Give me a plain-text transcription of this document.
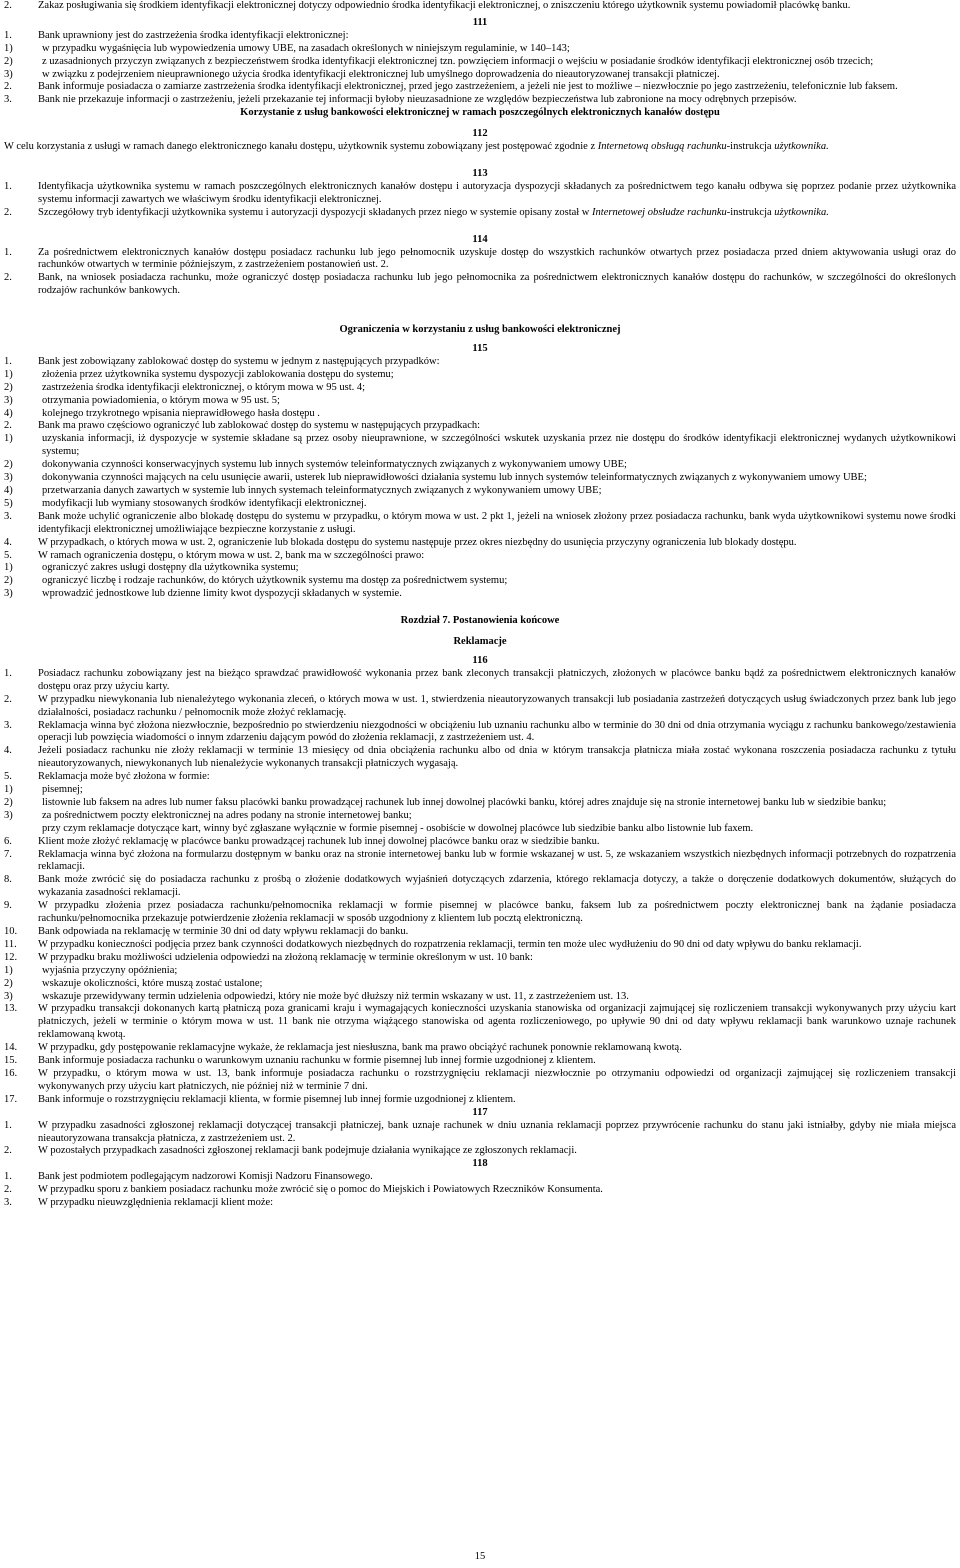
2.	Zakaz posługiwania się środkiem identyfikacji elektronicznej dotyczy odpowiednio środka identyfikacji elektronicznej, o zniszczeniu którego użytkownik systemu powiadomił placówkę banku.

111

1.	Bank uprawniony jest do zastrzeżenia środka identyfikacji elektronicznej:
1)	w przypadku wygaśnięcia lub wypowiedzenia umowy UBE, na zasadach określonych w niniejszym regulaminie, w 140–143;
2)	z uzasadnionych przyczyn związanych z bezpieczeństwem środka identyfikacji elektronicznej tzn. powzięciem informacji o wejściu w posiadanie środków identyfikacji elektronicznej osób trzecich;
3)	w związku z podejrzeniem nieuprawnionego użycia środka identyfikacji elektronicznej lub umyślnego doprowadzenia do nieautoryzowanej transakcji płatniczej.
2.	Bank informuje posiadacza o zamiarze zastrzeżenia środka identyfikacji elektronicznej, przed jego zastrzeżeniem, a jeżeli nie jest to możliwe – niezwłocznie po jego zastrzeżeniu, telefonicznie lub faksem.
3.	Bank nie przekazuje informacji o zastrzeżeniu, jeżeli przekazanie tej informacji byłoby nieuzasadnione ze względów bezpieczeństwa lub zabronione na mocy odrębnych przepisów.

Korzystanie z usług bankowości elektronicznej w ramach poszczególnych elektronicznych kanałów dostępu

112

W celu korzystania z usługi w ramach danego elektronicznego kanału dostępu, użytkownik systemu zobowiązany jest postępować zgodnie z Internetową obsługą rachunku-instrukcja użytkownika.

113

1.	Identyfikacja użytkownika systemu w ramach poszczególnych elektronicznych kanałów dostępu i autoryzacja dyspozycji składanych za pośrednictwem tego kanału odbywa się poprzez podanie przez użytkownika systemu informacji zawartych we właściwym środku identyfikacji elektronicznej.
2.	Szczegółowy tryb identyfikacji użytkownika systemu i autoryzacji dyspozycji składanych przez niego w systemie opisany został w Internetowej obsłudze rachunku-instrukcja użytkownika.

114

1.	Za pośrednictwem elektronicznych kanałów dostępu posiadacz rachunku lub jego pełnomocnik uzyskuje dostęp do wszystkich rachunków otwartych przez posiadacza przed dniem aktywowania usługi oraz do rachunków otwartych w terminie późniejszym, z zastrzeżeniem postanowień ust. 2.
2.	Bank, na wniosek posiadacza rachunku, może ograniczyć dostęp posiadacza rachunku lub jego pełnomocnika za pośrednictwem elektronicznych kanałów dostępu do rachunków, w szczególności do określonych rodzajów rachunków bankowych.

Ograniczenia w korzystaniu z usług bankowości elektronicznej

115

1.	Bank jest zobowiązany zablokować dostęp do systemu w jednym z następujących przypadków:
1)	złożenia przez użytkownika systemu dyspozycji zablokowania dostępu do systemu;
2)	zastrzeżenia środka identyfikacji elektronicznej, o którym mowa w 95 ust. 4;
3)	otrzymania powiadomienia, o którym mowa w 95 ust. 5;
4)	kolejnego trzykrotnego wpisania nieprawidłowego hasła dostępu .
2.	Bank ma prawo częściowo ograniczyć lub zablokować dostęp do systemu w następujących przypadkach:
1)	uzyskania informacji, iż dyspozycje w systemie składane są przez osoby nieuprawnione, w szczególności wskutek uzyskania przez nie dostępu do środków identyfikacji elektronicznej wydanych użytkownikowi systemu;
2)	dokonywania czynności konserwacyjnych systemu lub innych systemów teleinformatycznych związanych z wykonywaniem umowy UBE;
3)	dokonywania czynności mających na celu usunięcie awarii, usterek lub nieprawidłowości działania systemu lub innych systemów teleinformatycznych związanych z wykonywaniem umowy UBE;
4)	przetwarzania danych zawartych w systemie lub innych systemach teleinformatycznych związanych z wykonywaniem umowy UBE;
5)	modyfikacji lub wymiany stosowanych środków identyfikacji elektronicznej.
3.	Bank może uchylić ograniczenie albo blokadę dostępu do systemu w przypadku, o którym mowa w ust. 2 pkt 1, jeżeli na wniosek złożony przez posiadacza rachunku, bank wyda użytkownikowi systemu nowe środki identyfikacji elektronicznej umożliwiające bezpieczne korzystanie z usługi.
4.	W przypadkach, o których mowa w ust. 2, ograniczenie lub blokada dostępu do systemu następuje przez okres niezbędny do usunięcia przyczyny ograniczenia lub blokady dostępu.
5.	W ramach ograniczenia dostępu, o którym mowa w ust. 2, bank ma w szczególności prawo:
1)	ograniczyć zakres usługi dostępny dla użytkownika systemu;
2)	ograniczyć liczbę i rodzaje rachunków, do których użytkownik systemu ma dostęp za pośrednictwem systemu;
3)	wprowadzić jednostkowe lub dzienne limity kwot dyspozycji składanych w systemie.

Rozdział 7. Postanowienia końcowe

Reklamacje

116

1.	Posiadacz rachunku zobowiązany jest na bieżąco sprawdzać prawidłowość wykonania przez bank zleconych transakcji płatniczych, złożonych w placówce banku bądź za pośrednictwem elektronicznych kanałów dostępu oraz przy użyciu karty.
2.	W przypadku niewykonania lub nienależytego wykonania zleceń, o których mowa w ust. 1, stwierdzenia nieautoryzowanych transakcji lub posiadania zastrzeżeń dotyczących usług świadczonych przez bank lub jego działalności, posiadacz rachunku / pełnomocnik może złożyć reklamację.
3.	Reklamacja winna być złożona niezwłocznie, bezpośrednio po stwierdzeniu niezgodności w obciążeniu lub uznaniu rachunku albo w terminie do 30 dni od dnia otrzymania wyciągu z rachunku bankowego/zestawienia operacji lub powzięcia wiadomości o innym zdarzeniu dającym powód do złożenia reklamacji, z zastrzeżeniem ust. 4.
4.	Jeżeli posiadacz rachunku nie złoży reklamacji w terminie 13 miesięcy od dnia obciążenia rachunku albo od dnia w którym transakcja płatnicza miała zostać wykonana roszczenia posiadacza rachunku z tytułu nieautoryzowanych, niewykonanych lub nienależycie wykonanych transakcji płatniczych wygasają.
5.	Reklamacja może być złożona w formie:
1)	pisemnej;
2)	listownie lub faksem na adres lub numer faksu placówki banku prowadzącej rachunek lub innej dowolnej placówki banku, której adres znajduje się na stronie internetowej banku lub w siedzibie banku;
3)	za pośrednictwem poczty elektronicznej na adres podany na stronie internetowej banku;

przy czym reklamacje dotyczące kart, winny być zgłaszane wyłącznie w formie pisemnej - osobiście w dowolnej placówce lub siedzibie banku albo listownie lub faxem.

6.	Klient może złożyć reklamację w placówce banku prowadzącej rachunek lub innej dowolnej placówce banku oraz w siedzibie banku.
7.	Reklamacja winna być złożona na formularzu dostępnym w banku oraz na stronie internetowej banku lub w formie wskazanej w ust. 5, ze wskazaniem wszystkich niezbędnych informacji potrzebnych do rozpatrzenia reklamacji.
8.	Bank może zwrócić się do posiadacza rachunku z prośbą o złożenie dodatkowych wyjaśnień dotyczących zdarzenia, którego reklamacja dotyczy, a także o doręczenie dodatkowych dokumentów, służących do wykazania zasadności reklamacji.
9.	W przypadku złożenia przez posiadacza rachunku/pełnomocnika reklamacji w formie pisemnej w placówce banku, faksem lub za pośrednictwem poczty elektronicznej bank na żądanie posiadacza rachunku/pełnomocnika przekazuje potwierdzenie złożenia reklamacji w sposób uzgodniony z klientem lub pocztą elektroniczną.
10.	Bank odpowiada na reklamację w terminie 30 dni od daty wpływu reklamacji do banku.
11.	W przypadku konieczności podjęcia przez bank czynności dodatkowych niezbędnych do rozpatrzenia reklamacji, termin ten może ulec wydłużeniu do 90 dni od daty wpływu do banku reklamacji.
12.	W przypadku braku możliwości udzielenia odpowiedzi na złożoną reklamację w terminie określonym w ust. 10 bank:
1)	wyjaśnia przyczyny opóźnienia;
2)	wskazuje okoliczności, które muszą zostać ustalone;
3)	wskazuje przewidywany termin udzielenia odpowiedzi, który nie może być dłuższy niż termin wskazany w ust. 11, z zastrzeżeniem ust. 13.
13.	W przypadku transakcji dokonanych kartą płatniczą poza granicami kraju i wymagających konieczności uzyskania stanowiska od organizacji zajmującej się rozliczeniem transakcji wykonywanych przy użyciu kart płatniczych, jeżeli w terminie o którym mowa w ust. 11 bank nie otrzyma wiążącego stanowiska od agenta rozliczeniowego, po upływie 90 dni od daty wpływu reklamacji bank warunkowo uznaje rachunek reklamowaną kwotą.
14.	W przypadku, gdy postępowanie reklamacyjne wykaże, że reklamacja jest niesłuszna, bank ma prawo obciążyć rachunek ponownie reklamowaną kwotą.
15.	Bank informuje posiadacza rachunku o warunkowym uznaniu rachunku w formie pisemnej lub innej formie uzgodnionej z klientem.
16.	W przypadku, o którym mowa w ust. 13, bank informuje posiadacza rachunku o rozstrzygnięciu reklamacji niezwłocznie po otrzymaniu odpowiedzi od organizacji zajmującej się rozliczeniem transakcji wykonywanych przy użyciu kart płatniczych, nie później niż w terminie 7 dni.
17.	Bank informuje o rozstrzygnięciu reklamacji klienta, w formie pisemnej lub innej formie uzgodnionej z klientem.

117

1.	W przypadku zasadności zgłoszonej reklamacji dotyczącej transakcji płatniczej, bank uznaje rachunek w dniu uznania reklamacji poprzez przywrócenie rachunku do stanu jaki istniałby, gdyby nie miała miejsca nieautoryzowana transakcja płatnicza, z zastrzeżeniem ust. 2.
2.	W pozostałych przypadkach zasadności zgłoszonej reklamacji bank podejmuje działania wynikające ze zgłoszonych reklamacji.

118

1.	Bank jest podmiotem podlegającym nadzorowi Komisji Nadzoru Finansowego.
2.	W przypadku sporu z bankiem posiadacz rachunku może zwrócić się o pomoc do Miejskich i Powiatowych Rzeczników Konsumenta.
3.	W przypadku nieuwzględnienia reklamacji klient może:
15
